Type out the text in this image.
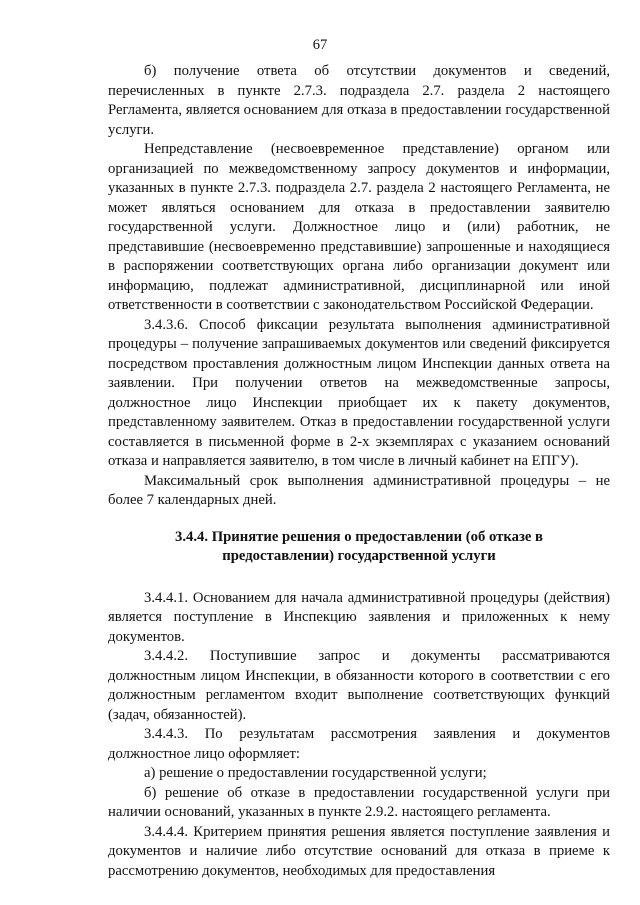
67

б) получение ответа об отсутствии документов и сведений, перечисленных в пункте 2.7.3. подраздела 2.7. раздела 2 настоящего Регламента, является основанием для отказа в предоставлении государственной услуги.

Непредставление (несвоевременное представление) органом или организацией по межведомственному запросу документов и информации, указанных в пункте 2.7.3. подраздела 2.7. раздела 2 настоящего Регламента, не может являться основанием для отказа в предоставлении заявителю государственной услуги. Должностное лицо и (или) работник, не представившие (несвоевременно представившие) запрошенные и находящиеся в распоряжении соответствующих органа либо организации документ или информацию, подлежат административной, дисциплинарной или иной ответственности в соответствии с законодательством Российской Федерации.

3.4.3.6. Способ фиксации результата выполнения административной процедуры – получение запрашиваемых документов или сведений фиксируется посредством проставления должностным лицом Инспекции данных ответа на заявлении. При получении ответов на межведомственные запросы, должностное лицо Инспекции приобщает их к пакету документов, представленному заявителем. Отказ в предоставлении государственной услуги составляется в письменной форме в 2-х экземплярах с указанием оснований отказа и направляется заявителю, в том числе в личный кабинет на ЕПГУ).

Максимальный срок выполнения административной процедуры – не более 7 календарных дней.

3.4.4. Принятие решения о предоставлении (об отказе в предоставлении) государственной услуги

3.4.4.1. Основанием для начала административной процедуры (действия) является поступление в Инспекцию заявления и приложенных к нему документов.

3.4.4.2. Поступившие запрос и документы рассматриваются должностным лицом Инспекции, в обязанности которого в соответствии с его должностным регламентом входит выполнение соответствующих функций (задач, обязанностей).

3.4.4.3. По результатам рассмотрения заявления и документов должностное лицо оформляет:

а) решение о предоставлении государственной услуги;

б) решение об отказе в предоставлении государственной услуги при наличии оснований, указанных в пункте 2.9.2. настоящего регламента.

3.4.4.4. Критерием принятия решения является поступление заявления и документов и наличие либо отсутствие оснований для отказа в приеме к рассмотрению документов, необходимых для предоставления
